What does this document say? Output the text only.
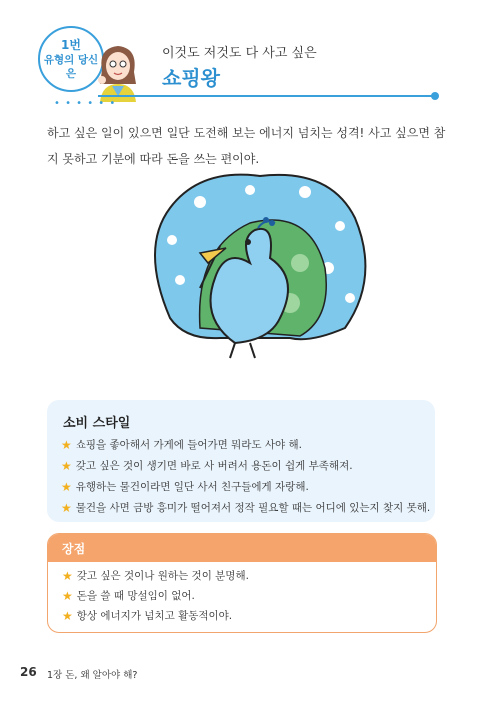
1번
유형의 당신은
• • • • • •
이것도 저것도 다 사고 싶은
쇼핑왕
하고 싶은 일이 있으면 일단 도전해 보는 에너지 넘치는 성격! 사고 싶으면 참지 못하고 기분에 따라 돈을 쓰는 편이야.
소비 스타일
★ 쇼핑을 좋아해서 가게에 들어가면 뭐라도 사야 해.
★ 갖고 싶은 것이 생기면 바로 사 버려서 용돈이 쉽게 부족해져.
★ 유행하는 물건이라면 일단 사서 친구들에게 자랑해.
★ 물건을 사면 금방 흥미가 떨어져서 정작 필요할 때는 어디에 있는지 찾지 못해.
장점
★ 갖고 싶은 것이나 원하는 것이 분명해.
★ 돈을 쓸 때 망설임이 없어.
★ 항상 에너지가 넘치고 활동적이야.
26 1장 돈, 왜 알아야 해?
